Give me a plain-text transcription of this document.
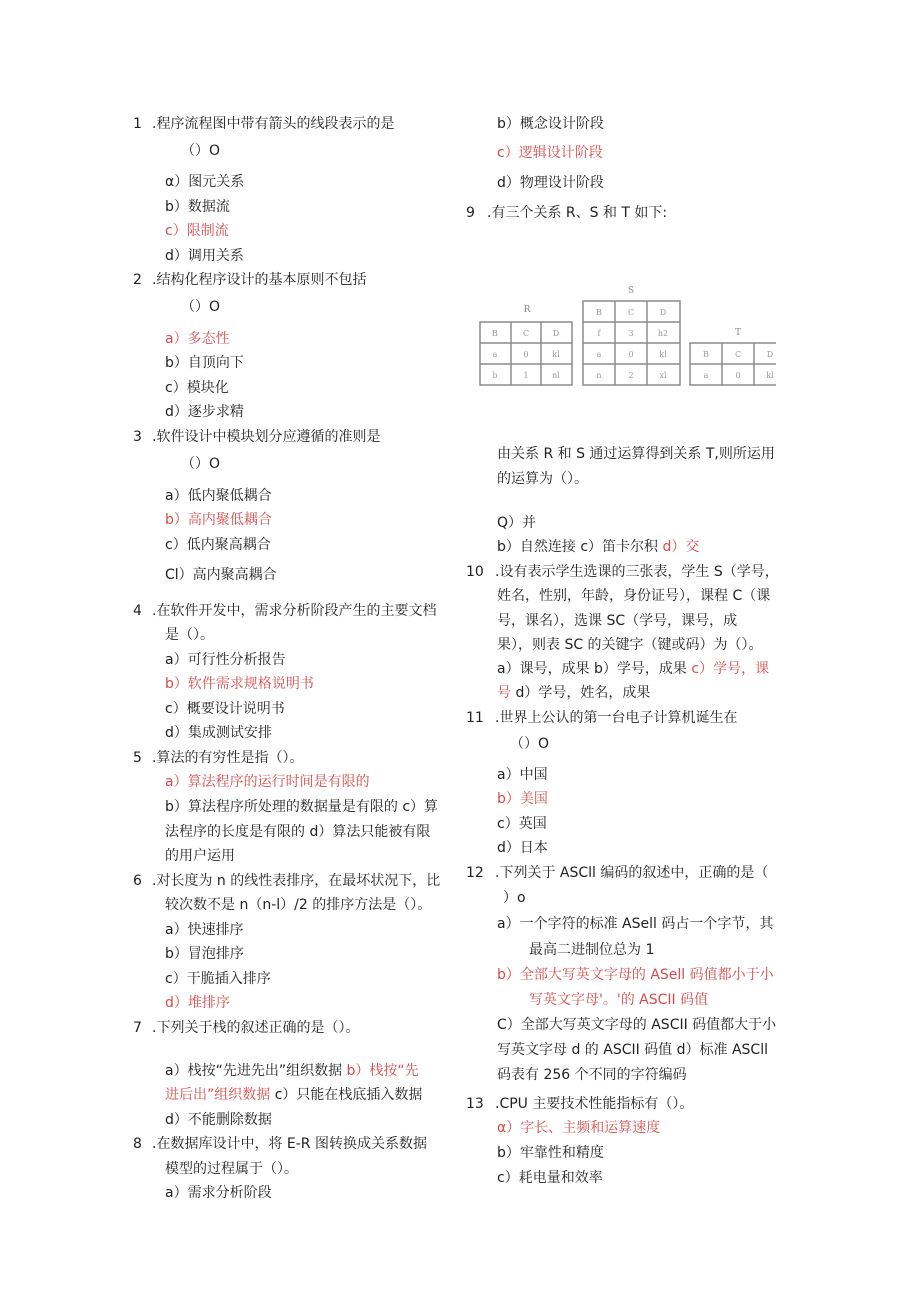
1 .程序流程图中带有箭头的线段表示的是
（）O
α）图元关系
b）数据流
c）限制流
d）调用关系
2 .结构化程序设计的基本原则不包括
（）O
a）多态性
b）自顶向下
c）模块化
d）逐步求精
3 .软件设计中模块划分应遵循的准则是
（）O
a）低内聚低耦合
b）高内聚低耦合
c）低内聚高耦合
Cl）高内聚高耦合
4 .在软件开发中，需求分析阶段产生的主要文档
是（）。
a）可行性分析报告
b）软件需求规格说明书
c）概要设计说明书
d）集成测试安排
5 .算法的有穷性是指（）。
a）算法程序的运行时间是有限的
b）算法程序所处理的数据量是有限的 c）算
法程序的长度是有限的 d）算法只能被有限
的用户运用
6 .对长度为 n 的线性表排序，在最坏状况下，比
较次数不是 n（n-l）/2 的排序方法是（）。
a）快速排序
b）冒泡排序
c）干脆插入排序
d）堆排序
7 .下列关于栈的叙述正确的是（）。
a）栈按“先进先出”组织数据 b）栈按“先
进后出”组织数据 c）只能在栈底插入数据
d）不能删除数据
8 .在数据库设计中，将 E-R 图转换成关系数据
模型的过程属于（）。
a）需求分析阶段
b）概念设计阶段
c）逻辑设计阶段
d）物理设计阶段
9 .有三个关系 R、S 和 T 如下:
R
B	C	D
a	0	kl
b	1	nl
S
B	C	D
f	3	h2
a	0	kl
n	2	xl
T
B	C	D
a	0	kl
由关系 R 和 S 通过运算得到关系 T,则所运用
的运算为（）。
Q）并
b）自然连接 c）笛卡尔积 d）交
10 .设有表示学生选课的三张表，学生 S（学号，
姓名，性别，年龄，身份证号），课程 C（课
号，课名），选课 SC（学号，课号，成
果），则表 SC 的关键字（键或码）为（）。
a）课号，成果 b）学号，成果 c）学号，课
号 d）学号，姓名，成果
11 .世界上公认的第一台电子计算机诞生在
（）O
a）中国
b）美国
c）英国
d）日本
12 .下列关于 ASCll 编码的叙述中，正确的是（
）o
a）一个字符的标准 ASell 码占一个字节，其
最高二进制位总为 1
b）全部大写英文字母的 ASell 码值都小于小
写英文字母'。'的 ASCII 码值
C）全部大写英文字母的 ASCII 码值都大于小
写英文字母 d 的 ASCII 码值 d）标准 ASCll
码表有 256 个不同的字符编码
13 .CPU 主要技术性能指标有（）。
α）字长、主频和运算速度
b）牢靠性和精度
c）耗电量和效率
